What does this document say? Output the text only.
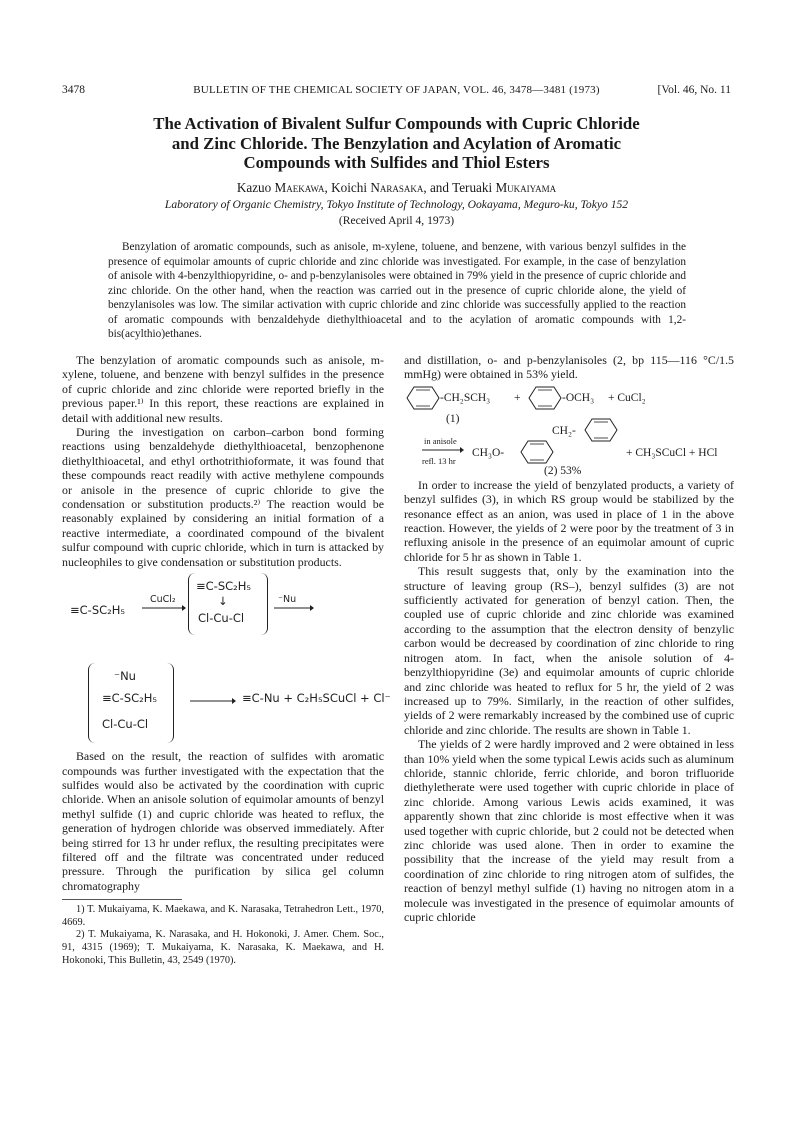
3478	BULLETIN OF THE CHEMICAL SOCIETY OF JAPAN, VOL. 46, 3478—3481 (1973)	[Vol. 46, No. 11
The Activation of Bivalent Sulfur Compounds with Cupric Chloride
and Zinc Chloride. The Benzylation and Acylation of Aromatic
Compounds with Sulfides and Thiol Esters
Kazuo Maekawa, Koichi Narasaka, and Teruaki Mukaiyama
Laboratory of Organic Chemistry, Tokyo Institute of Technology, Ookayama, Meguro-ku, Tokyo 152
(Received April 4, 1973)
Benzylation of aromatic compounds, such as anisole, m-xylene, toluene, and benzene, with various benzyl sulfides in the presence of equimolar amounts of cupric chloride and zinc chloride was investigated. For example, in the case of benzylation of anisole with 4-benzylthiopyridine, o- and p-benzylanisoles were obtained in 79% yield in the presence of cupric chloride and zinc chloride. On the other hand, when the reaction was carried out in the presence of cupric chloride alone, the yield of benzylanisoles was low. The similar activation with cupric chloride and zinc chloride was successfully applied to the reaction of aromatic compounds with benzaldehyde diethylthioacetal and to the acylation of aromatic compounds with 1,2-bis(acylthio)ethanes.

The benzylation of aromatic compounds such as anisole, m-xylene, toluene, and benzene with benzyl sulfides in the presence of cupric chloride and zinc chloride were reported briefly in the previous paper.¹⁾ In this report, these reactions are explained in detail with additional new results.

During the investigation on carbon–carbon bond forming reactions using benzaldehyde diethylthioacetal, benzophenone diethylthioacetal, and ethyl orthotrithioformate, it was found that these compounds react readily with active methylene compounds or anisole in the presence of cupric chloride to give the condensation or substitution products.²⁾ The reaction would be reasonably explained by considering an initial formation of a reactive intermediate, a coordinated compound of the bivalent sulfur compound with cupric chloride, which in turn is attacked by nucleophiles to give condensation or substitution products.

≡C-SC₂H₅
CuCl₂
≡C-SC₂H₅
↓
Cl-Cu-Cl
⁻Nu
⁻Nu
≡C-SC₂H₅
Cl-Cu-Cl
→ ≡C-Nu + C₂H₅SCuCl + Cl⁻

Based on the result, the reaction of sulfides with aromatic compounds was further investigated with the expectation that the sulfides would also be activated by the coordination with cupric chloride. When an anisole solution of equimolar amounts of benzyl methyl sulfide (1) and cupric chloride was heated to reflux, the generation of hydrogen chloride was observed immediately. After being stirred for 13 hr under reflux, the resulting precipitates were filtered off and the filtrate was concentrated under reduced pressure. Through the purification by silica gel column chromatography

1) T. Mukaiyama, K. Maekawa, and K. Narasaka, Tetrahedron Lett., 1970, 4669.

2) T. Mukaiyama, K. Narasaka, and H. Hokonoki, J. Amer. Chem. Soc., 91, 4315 (1969); T. Mukaiyama, K. Narasaka, K. Maekawa, and H. Hokonoki, This Bulletin, 43, 2549 (1970).

and distillation, o- and p-benzylanisoles (2, bp 115—116 °C/1.5 mmHg) were obtained in 53% yield.

-CH₂SCH₃ +	-OCH₃ + CuCl₂
(1)
in anisole
refl. 13 hr
CH₃O-
CH₂-
+ CH₃SCuCl + HCl
(2) 53%

In order to increase the yield of benzylated products, a variety of benzyl sulfides (3), in which RS group would be stabilized by the resonance effect as an anion, was used in place of 1 in the above reaction. However, the yields of 2 were poor by the treatment of 3 in refluxing anisole in the presence of an equimolar amount of cupric chloride for 5 hr as shown in Table 1.

This result suggests that, only by the examination into the structure of leaving group (RS–), benzyl sulfides (3) are not sufficiently activated for generation of benzyl cation. Then, the coupled use of cupric chloride and zinc chloride was examined according to the assumption that the electron density of benzylic carbon would be decreased by coordination of zinc chloride to ring nitrogen atom. In fact, when the anisole solution of 4-benzylthiopyridine (3e) and equimolar amounts of cupric chloride and zinc chloride was heated to reflux for 5 hr, the yield of 2 was increased up to 79%. Similarly, in the reaction of other sulfides, yields of 2 were remarkably increased by the combined use of cupric chloride and zinc chloride. The results are shown in Table 1.

The yields of 2 were hardly improved and 2 were obtained in less than 10% yield when the some typical Lewis acids such as aluminum chloride, stannic chloride, ferric chloride, and boron trifluoride diethyletherate were used together with cupric chloride in place of zinc chloride. Among various Lewis acids examined, it was apparently shown that zinc chloride is most effective when it was used together with cupric chloride, but 2 could not be detected when zinc chloride was used alone. Then in order to examine the possibility that the increase of the yield may result from a coordination of zinc chloride to ring nitrogen atom of sulfides, the reaction of benzyl methyl sulfide (1) having no nitrogen atom in a molecule was investigated in the presence of equimolar amounts of cupric chloride
